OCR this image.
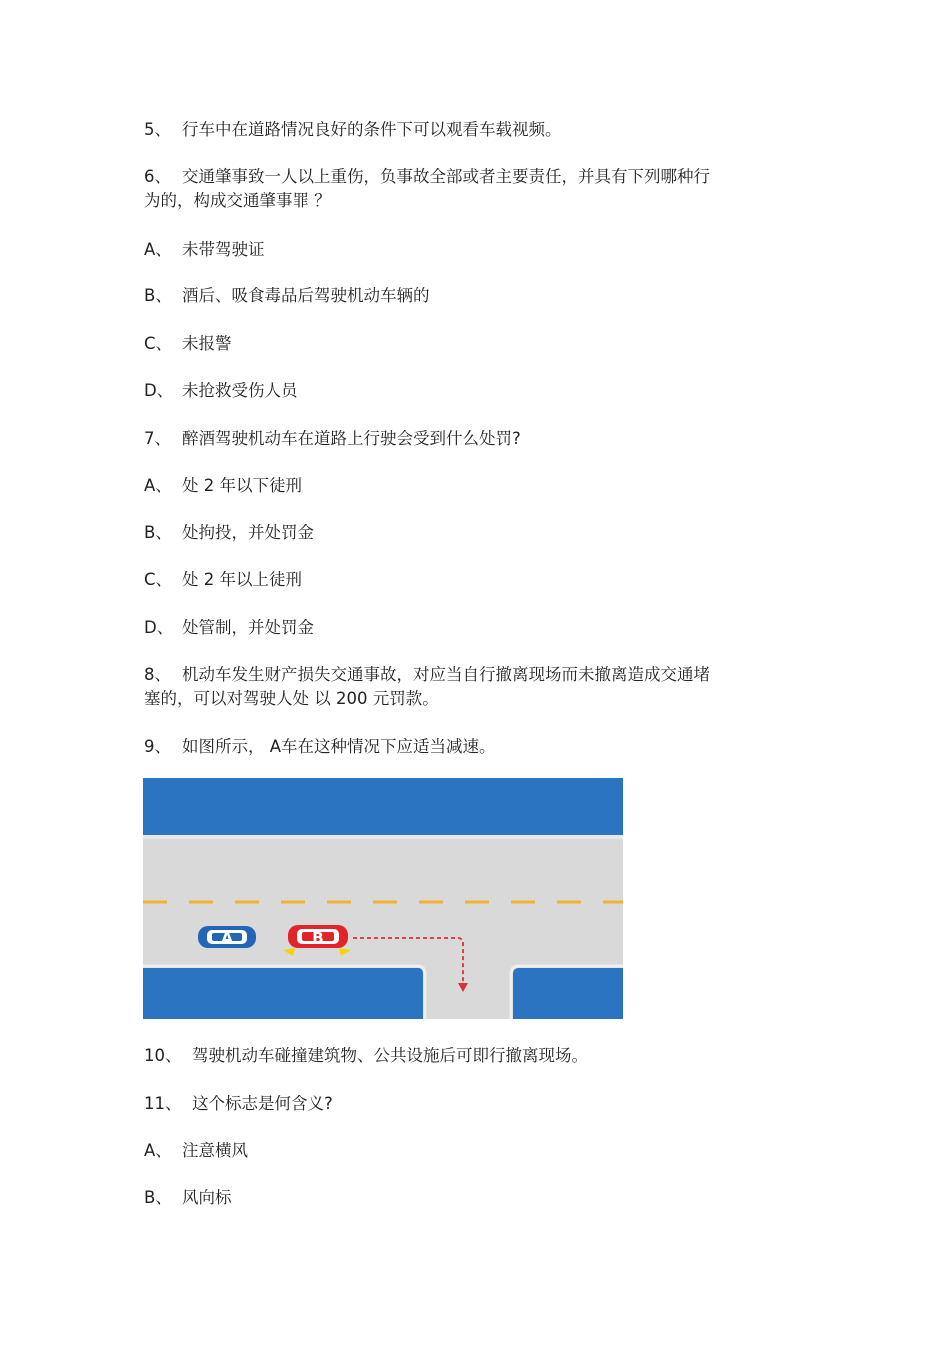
5、 行车中在道路情况良好的条件下可以观看车载视频。
6、 交通肇事致一人以上重伤，负事故全部或者主要责任，并具有下列哪种行
为的，构成交通肇事罪 ？
A、 未带驾驶证
B、 酒后、吸食毒品后驾驶机动车辆的
C、 未报警
D、 未抢救受伤人员
7、 醉酒驾驶机动车在道路上行驶会受到什么处罚?
A、 处 2 年以下徒刑
B、 处拘投，并处罚金
C、 处 2 年以上徒刑
D、 处管制，并处罚金
8、 机动车发生财产损失交通事故，对应当自行撤离现场而未撤离造成交通堵
塞的，可以对驾驶人处 以 200 元罚款。
9、 如图所示， A车在这种情况下应适当减速。
A	B
10、 驾驶机动车碰撞建筑物、公共设施后可即行撤离现场。
11、 这个标志是何含义?
A、 注意横风
B、 风向标
